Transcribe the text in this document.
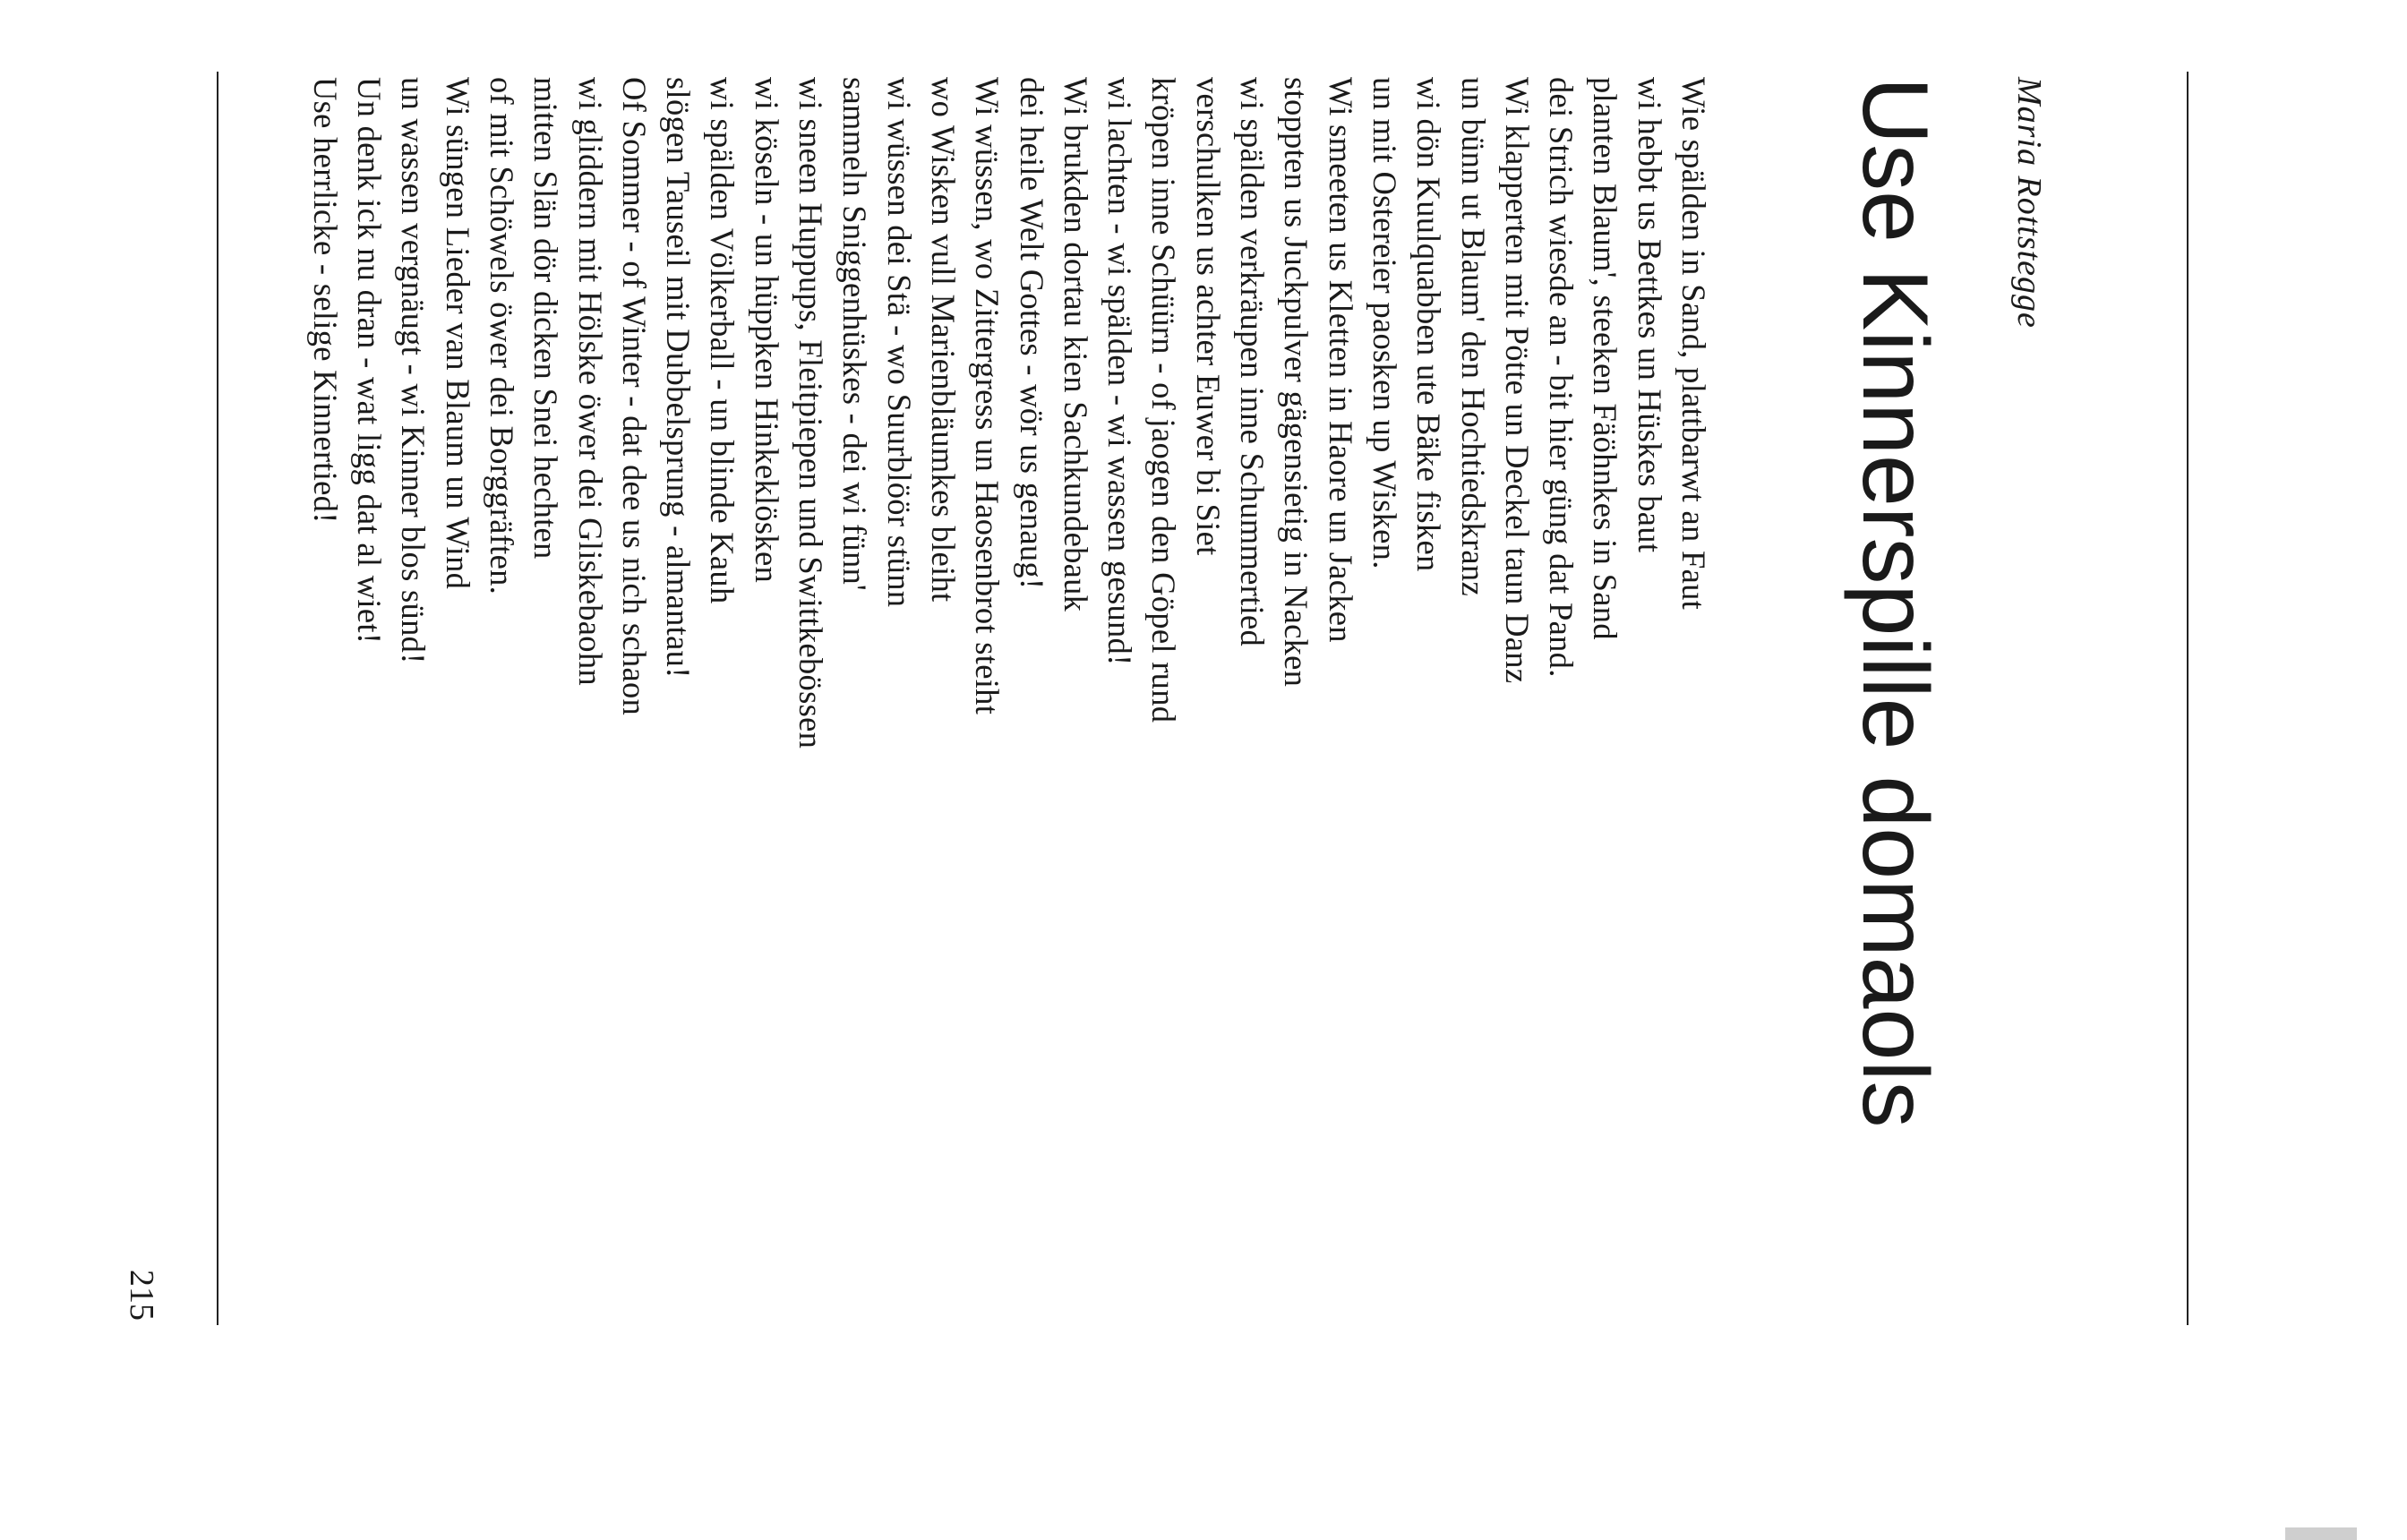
Maria Rottstegge
Use Kinnerspille domaols
Wie spälden in Sand, plattbarwt an Faut
wi hebbt us Bettkes un Hüskes baut
planten Blaum', steeken Fäöhnkes in Sand
dei Strich wiesde an - bit hier güng dat Pand.
Wi klapperten mit Pötte un Deckel taun Danz
un bünn ut Blaum' den Hochtiedskranz
wi dön Kuulquabben ute Bäke fisken
un mit Ostereier paosken up Wisken.
Wi smeeten us Kletten in Haore un Jacken
stoppten us Juckpulver gägensietig in Nacken
wi spälden verkräupen inne Schummertied
verschulken us achter Euwer bi Siet
kröpen inne Schüürn - of jaogen den Göpel rund
wi lachten - wi spälden - wi wassen gesund!
Wi brukden dortau kien Sachkundebauk
dei heile Welt Gottes - wör us genaug!
Wi wüssen, wo Zittergress un Haosenbrot steiht
wo Wisken vull Marienbläumkes bleiht
wi wüssen dei Stä - wo Suurblöör stünn
sammeln Sniggenhüskes - dei wi fünn'
wi sneen Huppups, Fleitpiepen und Swittkebössen
wi köseln - un hüppken Hinkeklösken
wi spälden Völkerball - un blinde Kauh
slögen Tauseil mit Dubbelsprung - almantau!
Of Sommer - of Winter - dat dee us nich schaon
wi gliddern mit Hölske öwer dei Gliskebaohn
mitten Slän dör dicken Snei hechten
of mit Schöwels öwer dei Borggräften.
Wi süngen Lieder van Blaum un Wind
un wassen vergnäugt - wi Kinner blos sünd!
Un denk ick nu dran - wat ligg dat al wiet!
Use herrlicke - selige Kinnertied!
215
